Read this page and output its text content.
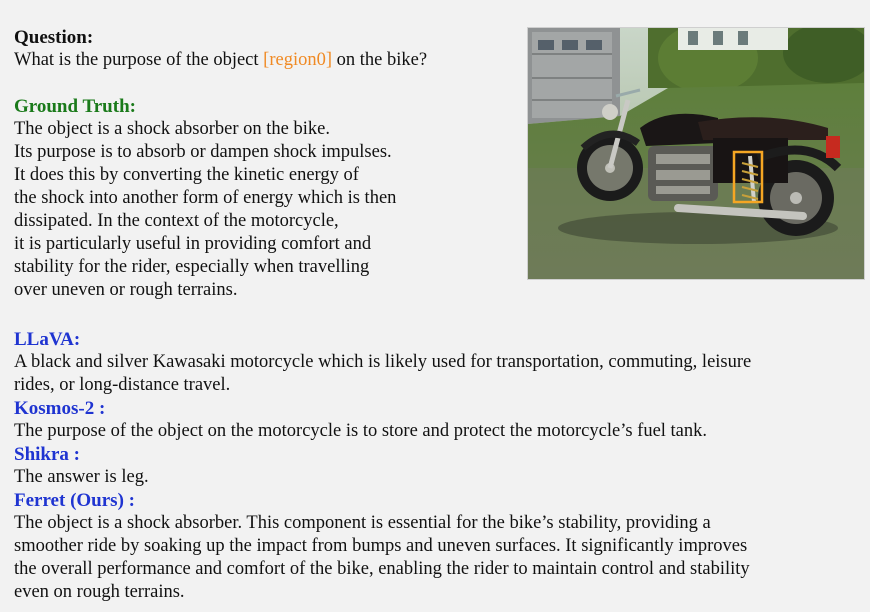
Question:
What is the purpose of the object [region0] on the bike?
Ground Truth:
The object is a shock absorber on the bike.
Its purpose is to absorb or dampen shock impulses.
It does this by converting the kinetic energy of
the shock into another form of energy which is then
dissipated. In the context of the motorcycle,
it is particularly useful in providing comfort and
stability for the rider, especially when travelling
over uneven or rough terrains.
LLaVA:
A black and silver Kawasaki motorcycle which is likely used for transportation, commuting, leisure
rides, or long-distance travel.
Kosmos-2 :
The purpose of the object on the motorcycle is to store and protect the motorcycle’s fuel tank.
Shikra :
The answer is leg.
Ferret (Ours) :
The object is a shock absorber. This component is essential for the bike’s stability, providing a
smoother ride by soaking up the impact from bumps and uneven surfaces. It significantly improves
the overall performance and comfort of the bike, enabling the rider to maintain control and stability
even on rough terrains.
